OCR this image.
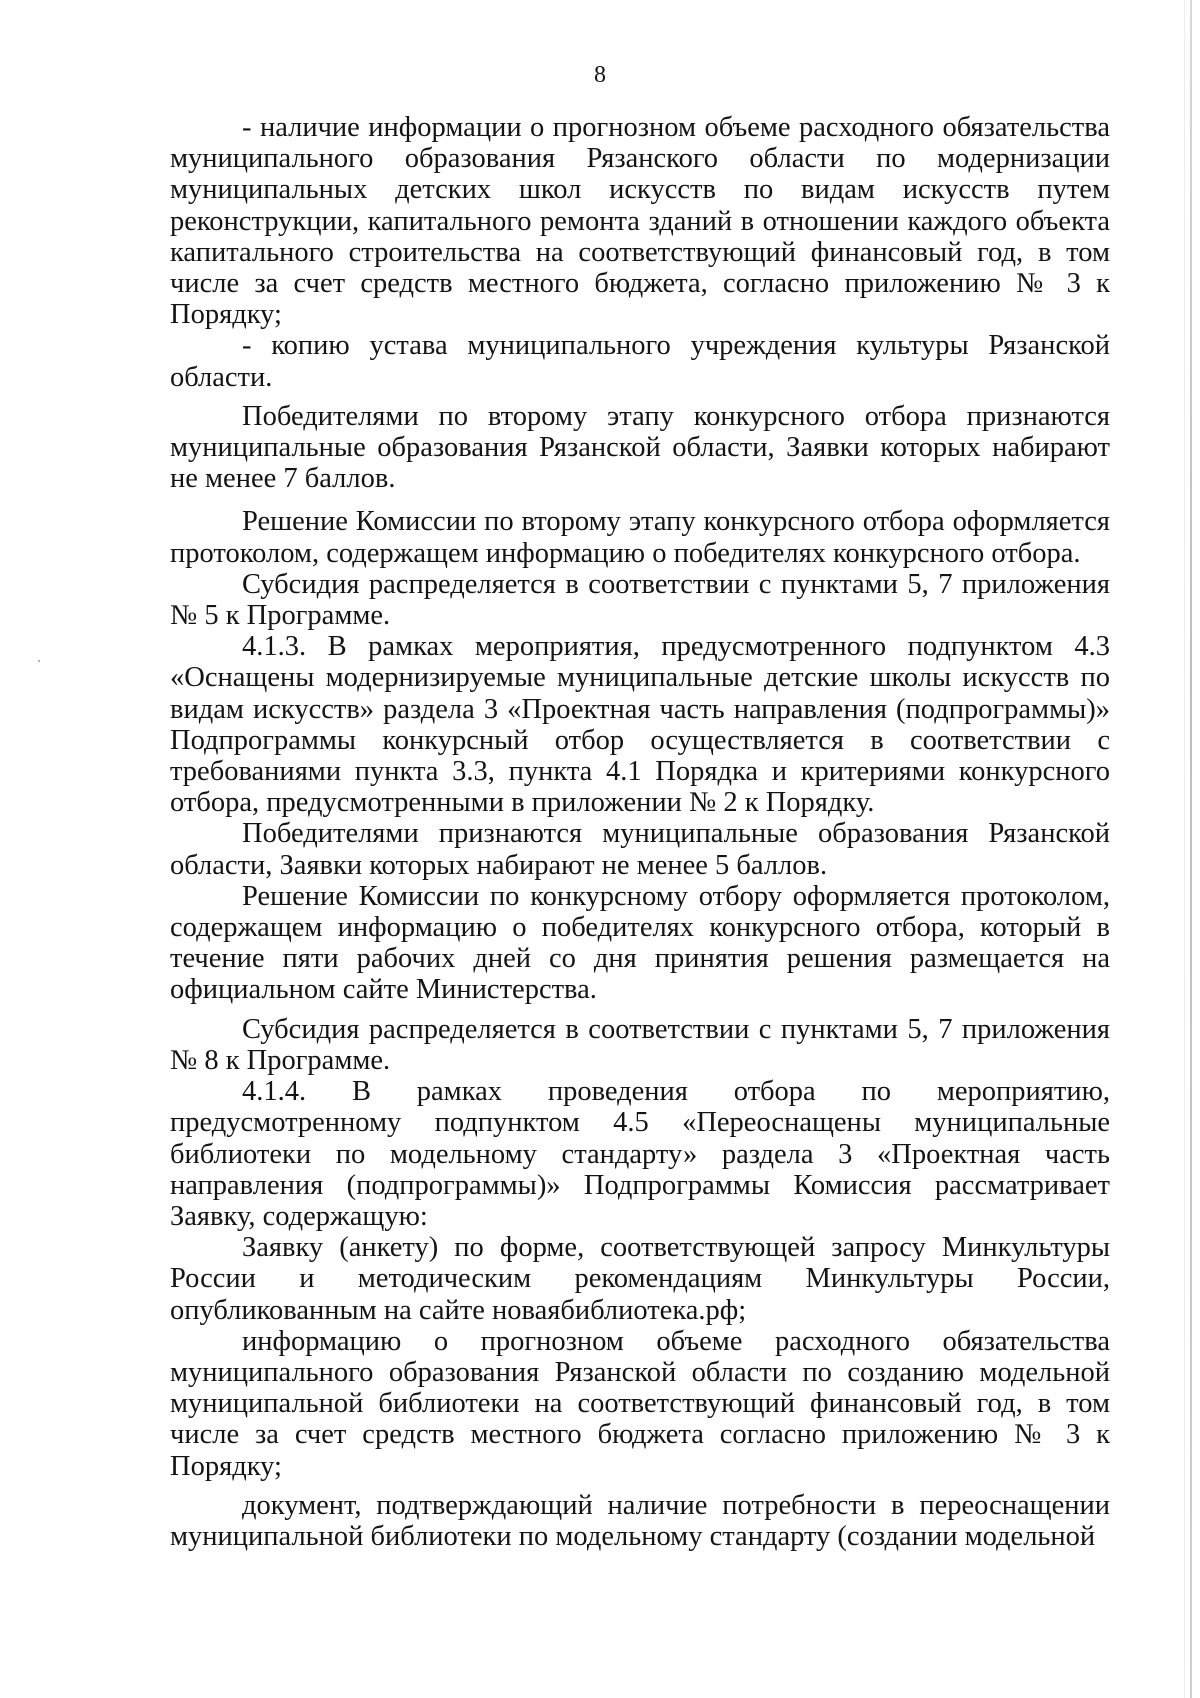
8

- наличие информации о прогнозном объеме расходного обязательства муниципального образования Рязанского области по модернизации муниципальных детских школ искусств по видам искусств путем реконструкции, капитального ремонта зданий в отношении каждого объекта капитального строительства на соответствующий финансовый год, в том числе за счет средств местного бюджета, согласно приложению № 3 к Порядку;

- копию устава муниципального учреждения культуры Рязанской области.

Победителями по второму этапу конкурсного отбора признаются муниципальные образования Рязанской области, Заявки которых набирают не менее 7 баллов.

Решение Комиссии по второму этапу конкурсного отбора оформляется протоколом, содержащем информацию о победителях конкурсного отбора.

Субсидия распределяется в соответствии с пунктами 5, 7 приложения № 5 к Программе.

4.1.3. В рамках мероприятия, предусмотренного подпунктом 4.3 «Оснащены модернизируемые муниципальные детские школы искусств по видам искусств» раздела 3 «Проектная часть направления (подпрограммы)» Подпрограммы конкурсный отбор осуществляется в соответствии с требованиями пункта 3.3, пункта 4.1 Порядка и критериями конкурсного отбора, предусмотренными в приложении № 2 к Порядку.

Победителями признаются муниципальные образования Рязанской области, Заявки которых набирают не менее 5 баллов.

Решение Комиссии по конкурсному отбору оформляется протоколом, содержащем информацию о победителях конкурсного отбора, который в течение пяти рабочих дней со дня принятия решения размещается на официальном сайте Министерства.

Субсидия распределяется в соответствии с пунктами 5, 7 приложения № 8 к Программе.

4.1.4. В рамках проведения отбора по мероприятию, предусмотренному подпунктом 4.5 «Переоснащены муниципальные библиотеки по модельному стандарту» раздела 3 «Проектная часть направления (подпрограммы)» Подпрограммы Комиссия рассматривает Заявку, содержащую:

Заявку (анкету) по форме, соответствующей запросу Минкультуры России и методическим рекомендациям Минкультуры России, опубликованным на сайте новаябиблиотека.рф;

информацию о прогнозном объеме расходного обязательства муниципального образования Рязанской области по созданию модельной муниципальной библиотеки на соответствующий финансовый год, в том числе за счет средств местного бюджета согласно приложению № 3 к Порядку;

документ, подтверждающий наличие потребности в переоснащении муниципальной библиотеки по модельному стандарту (создании модельной
